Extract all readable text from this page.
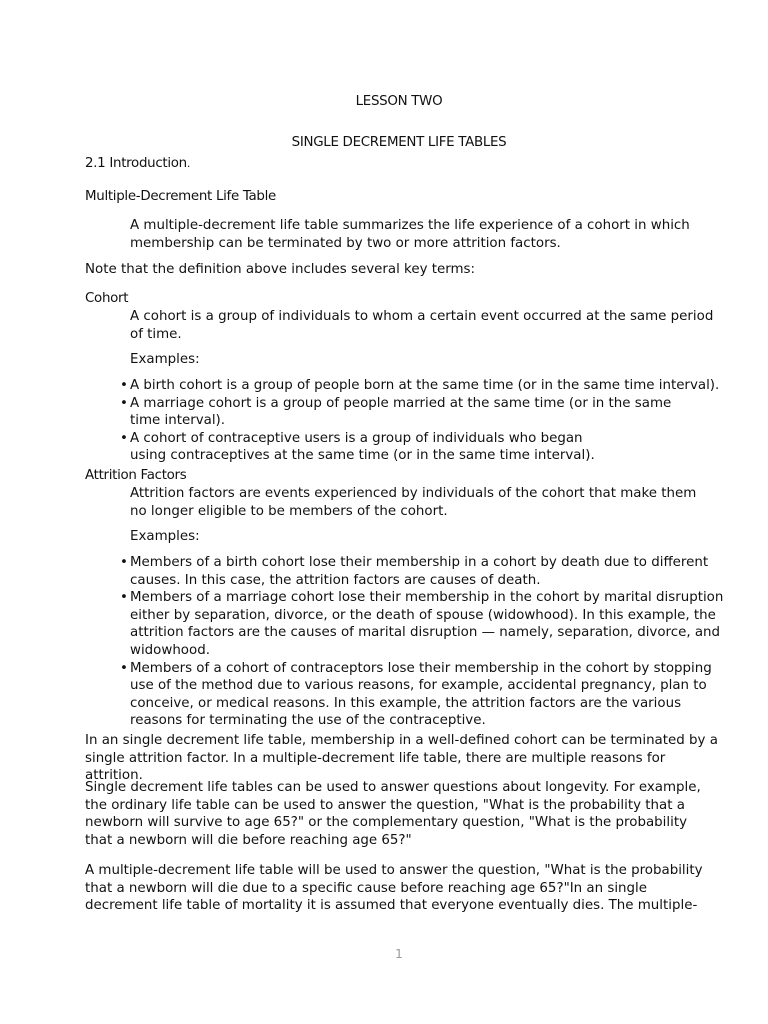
LESSON TWO
SINGLE DECREMENT LIFE TABLES
2.1 Introduction.
Multiple-Decrement Life Table
A multiple-decrement life table summarizes the life experience of a cohort in which membership can be terminated by two or more attrition factors.
Note that the definition above includes several key terms:
Cohort
A cohort is a group of individuals to whom a certain event occurred at the same period of time.
Examples:
• A birth cohort is a group of people born at the same time (or in the same time interval).
• A marriage cohort is a group of people married at the same time (or in the same time interval).
• A cohort of contraceptive users is a group of individuals who began using contraceptives at the same time (or in the same time interval).
Attrition Factors
Attrition factors are events experienced by individuals of the cohort that make them no longer eligible to be members of the cohort.
Examples:
• Members of a birth cohort lose their membership in a cohort by death due to different causes. In this case, the attrition factors are causes of death.
• Members of a marriage cohort lose their membership in the cohort by marital disruption either by separation, divorce, or the death of spouse (widowhood). In this example, the attrition factors are the causes of marital disruption — namely, separation, divorce, and widowhood.
• Members of a cohort of contraceptors lose their membership in the cohort by stopping use of the method due to various reasons, for example, accidental pregnancy, plan to conceive, or medical reasons. In this example, the attrition factors are the various reasons for terminating the use of the contraceptive.
In an single decrement life table, membership in a well-defined cohort can be terminated by a single attrition factor. In a multiple-decrement life table, there are multiple reasons for attrition.
Single decrement life tables can be used to answer questions about longevity. For example, the ordinary life table can be used to answer the question, "What is the probability that a newborn will survive to age 65?" or the complementary question, "What is the probability that a newborn will die before reaching age 65?"
A multiple-decrement life table will be used to answer the question, "What is the probability that a newborn will die due to a specific cause before reaching age 65?"In an single decrement life table of mortality it is assumed that everyone eventually dies. The multiple-
1
